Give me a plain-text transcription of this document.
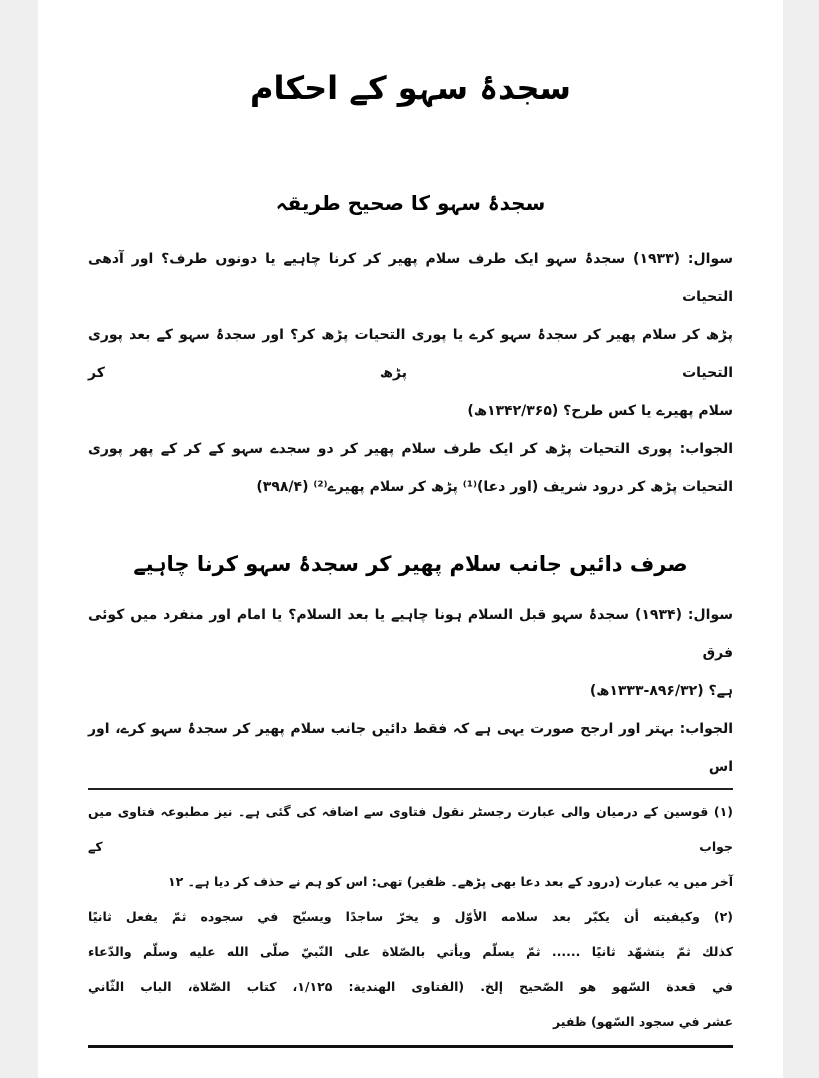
سجدۂ سہو کے احکام
سجدۂ سہو کا صحیح طریقہ
سوال: (۱۹۳۳) سجدۂ سہو ایک طرف سلام پھیر کر کرنا چاہیے یا دونوں طرف؟ اور آدھی التحیات
پڑھ کر سلام پھیر کر سجدۂ سہو کرے یا پوری التحیات پڑھ کر؟ اور سجدۂ سہو کے بعد پوری التحیات پڑھ کر
سلام پھیرے یا کس طرح؟ (۱۳۴۲/۳۶۵ھ)
الجواب: پوری التحیات پڑھ کر ایک طرف سلام پھیر کر دو سجدے سہو کے کر کے پھر پوری
التحیات پڑھ کر درود شریف (اور دعا)⁽¹⁾ پڑھ کر سلام پھیرے⁽²⁾ (۳۹۸/۴)
صرف دائیں جانب سلام پھیر کر سجدۂ سہو کرنا چاہیے
سوال: (۱۹۳۴) سجدۂ سہو قبل السلام ہونا چاہیے یا بعد السلام؟ یا امام اور منفرد میں کوئی فرق
ہے؟ (۸۹۶/۳۲-۱۳۳۳ھ)
الجواب: بہتر اور ارجح صورت یہی ہے کہ فقط دائیں جانب سلام پھیر کر سجدۂ سہو کرے، اور اس
(۱) قوسین کے درمیان والی عبارت رجسٹر نقول فتاوی سے اضافہ کی گئی ہے۔ نیز مطبوعہ فتاوی میں جواب کے
آخر میں یہ عبارت (درود کے بعد دعا بھی پڑھے۔ ظفیر) تھی: اس کو ہم نے حذف کر دیا ہے۔ ۱۲
(۲) وكيفيته أن يكبّر بعد سلامه الأوّل و يخرّ ساجدًا ويسبّح في سجوده ثمّ يفعل ثانيًا
كذلك ثمّ يتشهّد ثانيًا ...... ثمّ يسلّم ويأتي بالصّلاة على النّبيّ صلّى الله عليه وسلّم والدّعاء
في قعدة السّهو هو الصّحيح إلخ. (الفتاوى الهندية: ۱/۱۲۵، كتاب الصّلاة، الباب الثّاني
عشر في سجود السّهو) ظفير
